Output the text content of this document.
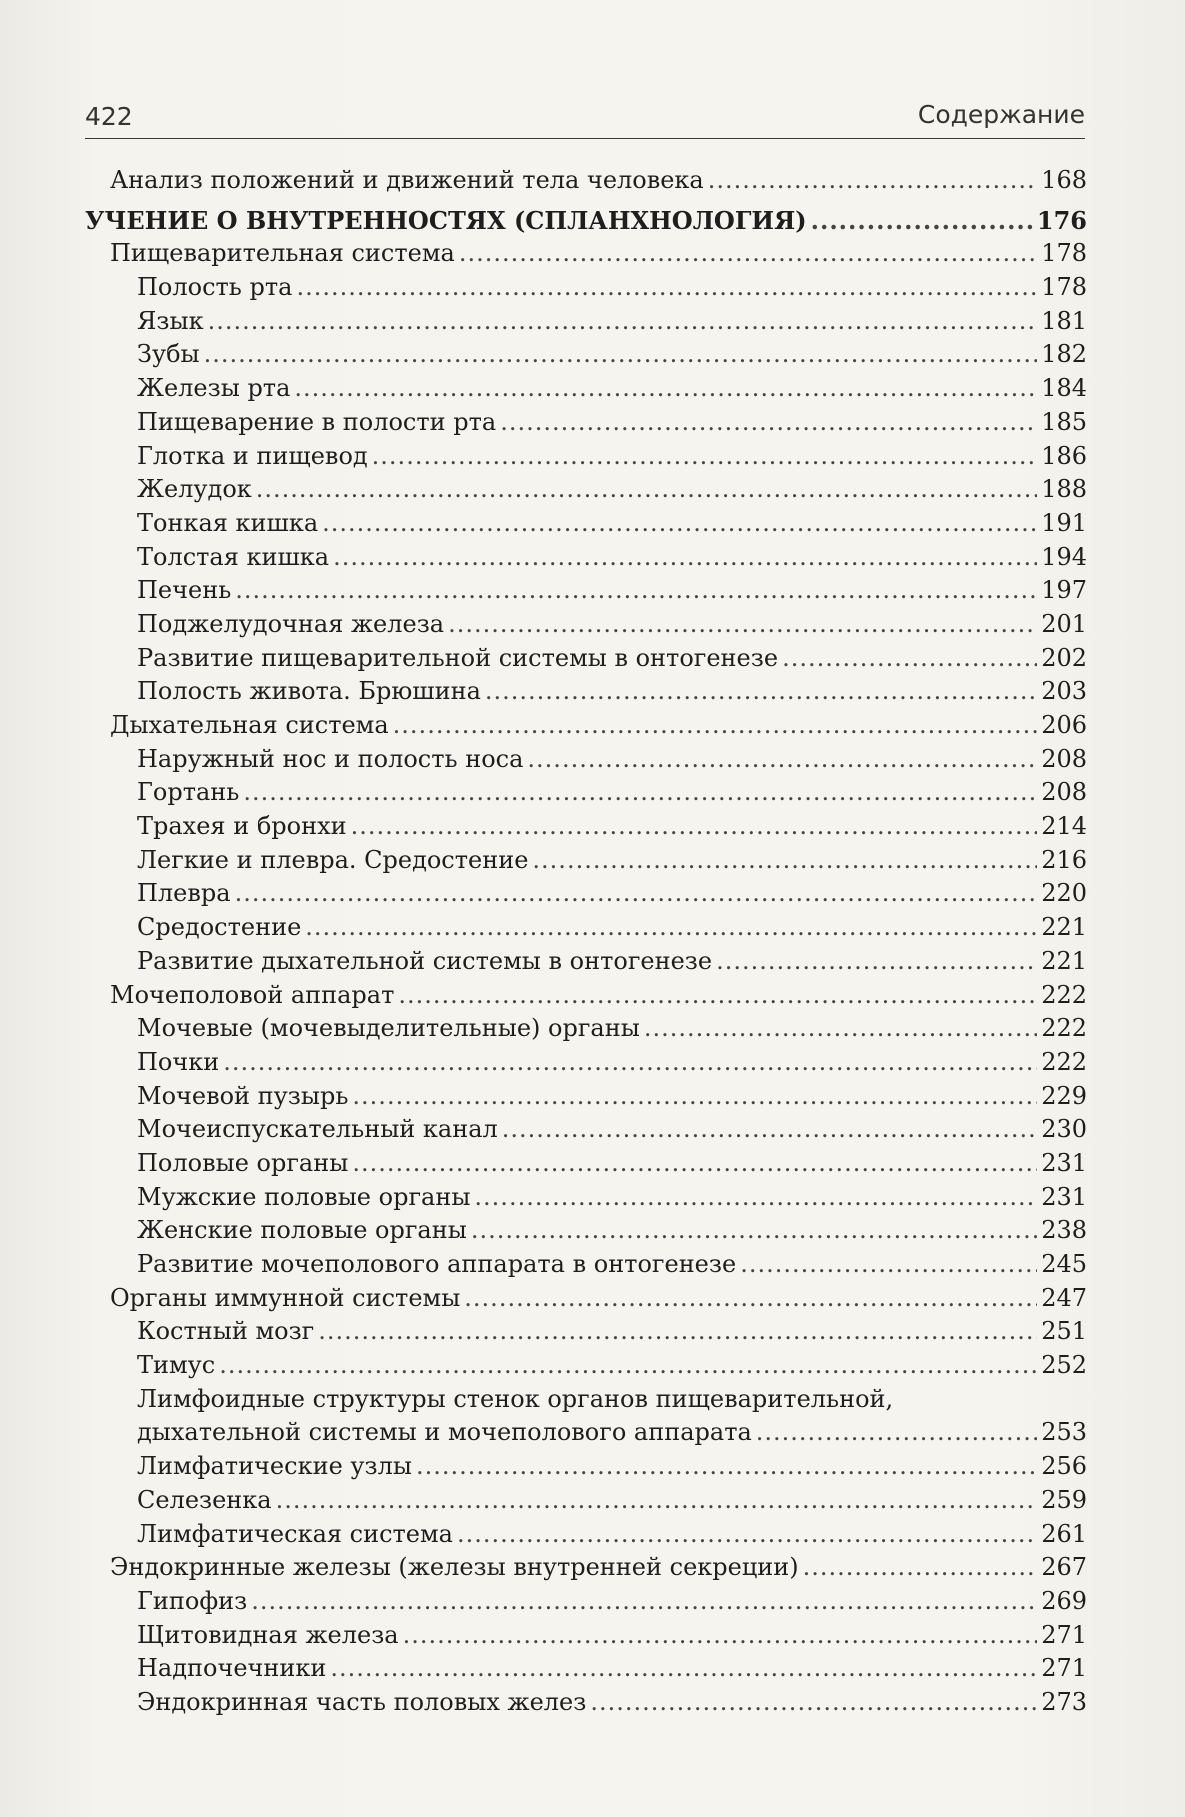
422	Содержание
Анализ положений и движений тела человека .....	168
УЧЕНИЕ О ВНУТРЕННОСТЯХ (СПЛАНХНОЛОГИЯ) .....	176
Пищеварительная система .....	178
Полость рта .....	178
Язык .....	181
Зубы .....	182
Железы рта .....	184
Пищеварение в полости рта .....	185
Глотка и пищевод .....	186
Желудок .....	188
Тонкая кишка .....	191
Толстая кишка .....	194
Печень .....	197
Поджелудочная железа .....	201
Развитие пищеварительной системы в онтогенезе .....	202
Полость живота. Брюшина .....	203
Дыхательная система .....	206
Наружный нос и полость носа .....	208
Гортань .....	208
Трахея и бронхи .....	214
Легкие и плевра. Средостение .....	216
Плевра .....	220
Средостение .....	221
Развитие дыхательной системы в онтогенезе .....	221
Мочеполовой аппарат .....	222
Мочевые (мочевыделительные) органы .....	222
Почки .....	222
Мочевой пузырь .....	229
Мочеиспускательный канал .....	230
Половые органы .....	231
Мужские половые органы .....	231
Женские половые органы .....	238
Развитие мочеполового аппарата в онтогенезе .....	245
Органы иммунной системы .....	247
Костный мозг .....	251
Тимус .....	252
Лимфоидные структуры стенок органов пищеварительной,
дыхательной системы и мочеполового аппарата .....	253
Лимфатические узлы .....	256
Селезенка .....	259
Лимфатическая система .....	261
Эндокринные железы (железы внутренней секреции) .....	267
Гипофиз .....	269
Щитовидная железа .....	271
Надпочечники .....	271
Эндокринная часть половых желез .....	273
